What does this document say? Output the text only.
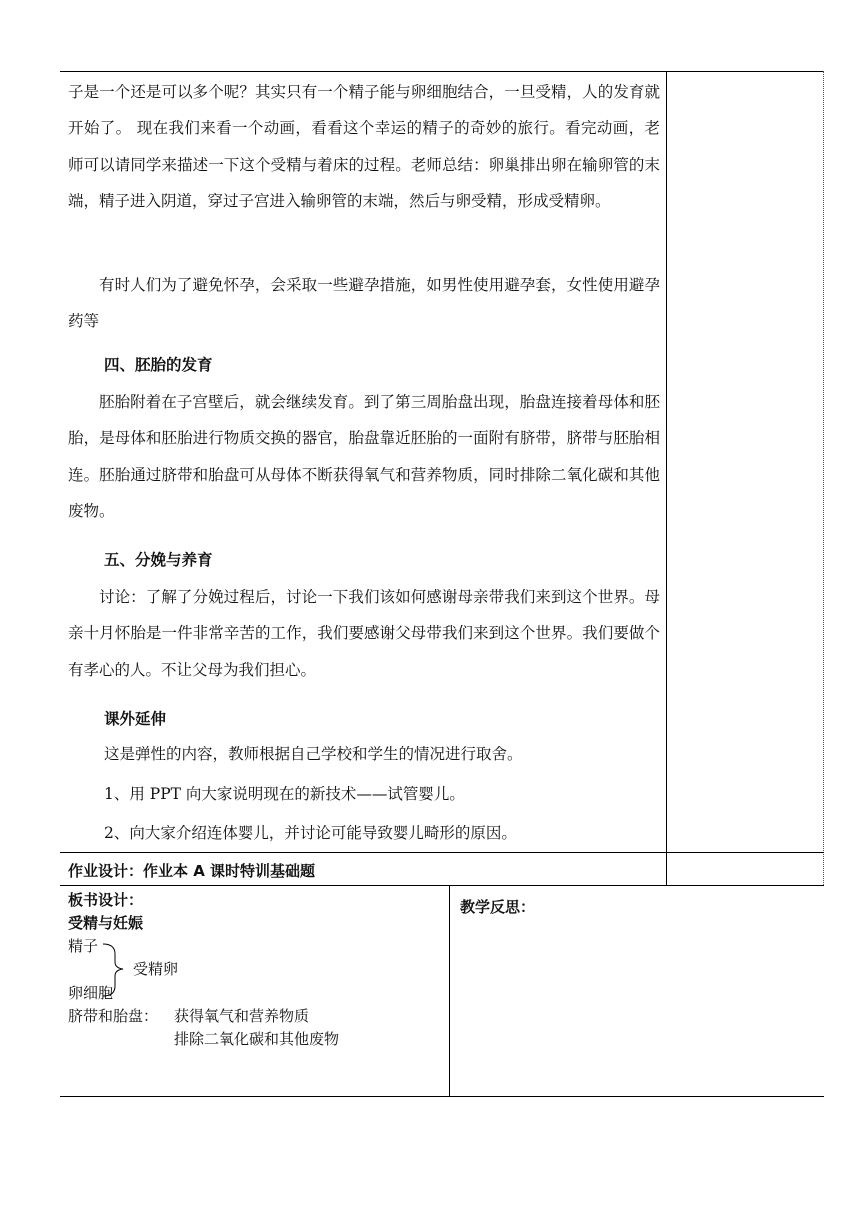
子是一个还是可以多个呢？其实只有一个精子能与卵细胞结合，一旦受精，人的发育就开始了。 现在我们来看一个动画，看看这个幸运的精子的奇妙的旅行。看完动画，老师可以请同学来描述一下这个受精与着床的过程。老师总结：卵巢排出卵在输卵管的末端，精子进入阴道，穿过子宫进入输卵管的末端，然后与卵受精，形成受精卵。

有时人们为了避免怀孕，会采取一些避孕措施，如男性使用避孕套，女性使用避孕药等

四、胚胎的发育

胚胎附着在子宫壁后，就会继续发育。到了第三周胎盘出现，胎盘连接着母体和胚胎，是母体和胚胎进行物质交换的器官，胎盘靠近胚胎的一面附有脐带，脐带与胚胎相连。胚胎通过脐带和胎盘可从母体不断获得氧气和营养物质，同时排除二氧化碳和其他废物。

五、分娩与养育

讨论：了解了分娩过程后，讨论一下我们该如何感谢母亲带我们来到这个世界。母亲十月怀胎是一件非常辛苦的工作，我们要感谢父母带我们来到这个世界。我们要做个有孝心的人。不让父母为我们担心。

课外延伸

这是弹性的内容，教师根据自己学校和学生的情况进行取舍。

1、用 PPT 向大家说明现在的新技术——试管婴儿。

2、向大家介绍连体婴儿，并讨论可能导致婴儿畸形的原因。

作业设计：作业本 A 课时特训基础题

板书设计：

受精与妊娠

精子

受精卵

卵细胞

脐带和胎盘： 获得氧气和营养物质

排除二氧化碳和其他废物

教学反思：
